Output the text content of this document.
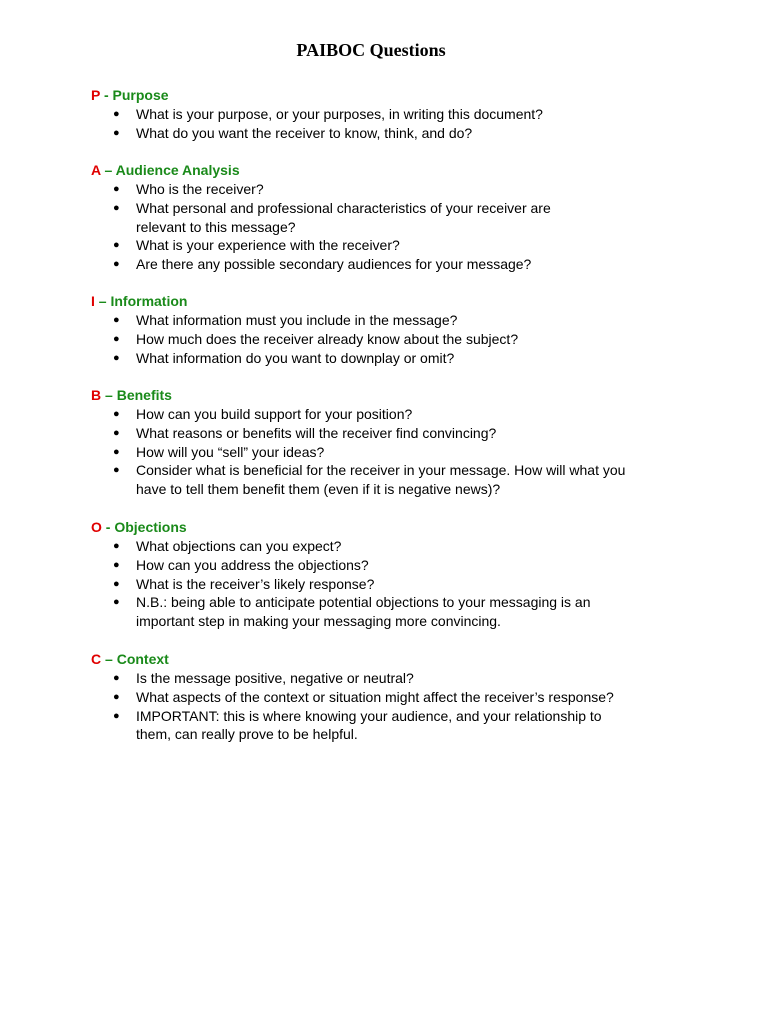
PAIBOC Questions
P - Purpose
● What is your purpose, or your purposes, in writing this document?
● What do you want the receiver to know, think, and do?
A – Audience Analysis
● Who is the receiver?
● What personal and professional characteristics of your receiver are
relevant to this message?
● What is your experience with the receiver?
● Are there any possible secondary audiences for your message?
I – Information
● What information must you include in the message?
● How much does the receiver already know about the subject?
● What information do you want to downplay or omit?
B – Benefits
● How can you build support for your position?
● What reasons or benefits will the receiver find convincing?
● How will you “sell” your ideas?
● Consider what is beneficial for the receiver in your message. How will what you
have to tell them benefit them (even if it is negative news)?
O - Objections
● What objections can you expect?
● How can you address the objections?
● What is the receiver’s likely response?
● N.B.: being able to anticipate potential objections to your messaging is an
important step in making your messaging more convincing.
C – Context
● Is the message positive, negative or neutral?
● What aspects of the context or situation might affect the receiver’s response?
● IMPORTANT: this is where knowing your audience, and your relationship to
them, can really prove to be helpful.
